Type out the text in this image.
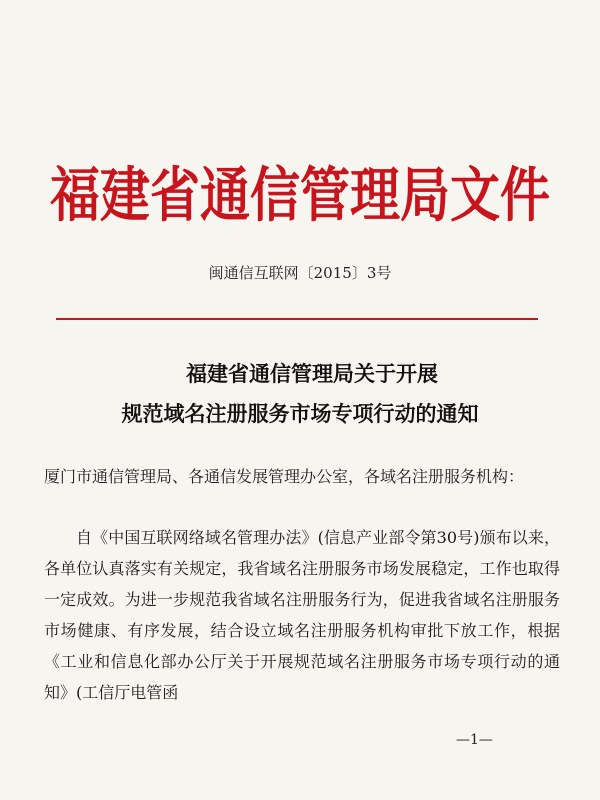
福建省通信管理局文件
闽通信互联网〔2015〕3号
福建省通信管理局关于开展
规范域名注册服务市场专项行动的通知
厦门市通信管理局、各通信发展管理办公室，各域名注册服务机构：
自《中国互联网络域名管理办法》(信息产业部令第30号)颁布以来，各单位认真落实有关规定，我省域名注册服务市场发展稳定，工作也取得一定成效。为进一步规范我省域名注册服务行为，促进我省域名注册服务市场健康、有序发展，结合设立域名注册服务机构审批下放工作，根据《工业和信息化部办公厅关于开展规范域名注册服务市场专项行动的通知》(工信厅电管函
—1—
